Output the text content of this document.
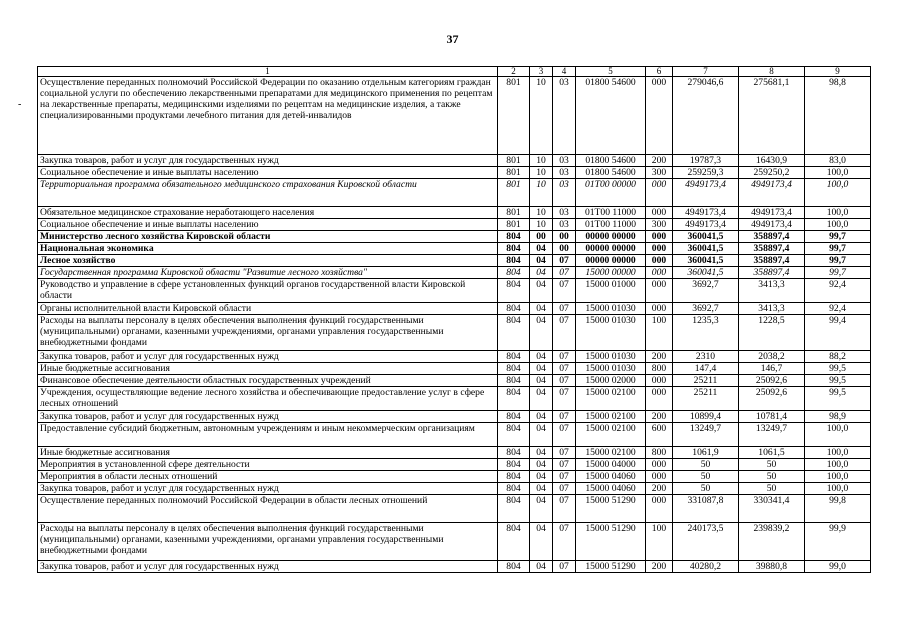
37
-
1	2	3	4	5	6	7	8	9
Осуществление переданных полномочий Российской Федерации по оказанию отдельным категориям граждан социальной услуги по обеспечению лекарственными препаратами для медицинского применения по рецептам на лекарственные препараты, медицинскими изделиями по рецептам на медицинские изделия, а также специализированными продуктами лечебного питания для детей-инвалидов	801	10	03	01800 54600	000	279046,6	275681,1	98,8
Закупка товаров, работ и услуг для государственных нужд	801	10	03	01800 54600	200	19787,3	16430,9	83,0
Социальное обеспечение и иные выплаты населению	801	10	03	01800 54600	300	259259,3	259250,2	100,0
Территориальная программа обязательного медицинского страхования Кировской области	801	10	03	01Т00 00000	000	4949173,4	4949173,4	100,0
Обязательное медицинское страхование неработающего населения	801	10	03	01Т00 11000	000	4949173,4	4949173,4	100,0
Социальное обеспечение и иные выплаты населению	801	10	03	01Т00 11000	300	4949173,4	4949173,4	100,0
Министерство лесного хозяйства Кировской области	804	00	00	00000 00000	000	360041,5	358897,4	99,7
Национальная экономика	804	04	00	00000 00000	000	360041,5	358897,4	99,7
Лесное хозяйство	804	04	07	00000 00000	000	360041,5	358897,4	99,7
Государственная программа Кировской области "Развитие лесного хозяйства"	804	04	07	15000 00000	000	360041,5	358897,4	99,7
Руководство и управление в сфере установленных функций органов государственной власти Кировской области	804	04	07	15000 01000	000	3692,7	3413,3	92,4
Органы исполнительной власти Кировской области	804	04	07	15000 01030	000	3692,7	3413,3	92,4
Расходы на выплаты персоналу в целях обеспечения выполнения функций государственными (муниципальными) органами, казенными учреждениями, органами управления государственными внебюджетными фондами	804	04	07	15000 01030	100	1235,3	1228,5	99,4
Закупка товаров, работ и услуг для государственных нужд	804	04	07	15000 01030	200	2310	2038,2	88,2
Иные бюджетные ассигнования	804	04	07	15000 01030	800	147,4	146,7	99,5
Финансовое обеспечение деятельности областных государственных учреждений	804	04	07	15000 02000	000	25211	25092,6	99,5
Учреждения, осуществляющие ведение лесного хозяйства и обеспечивающие предоставление услуг в сфере лесных отношений	804	04	07	15000 02100	000	25211	25092,6	99,5
Закупка товаров, работ и услуг для государственных нужд	804	04	07	15000 02100	200	10899,4	10781,4	98,9
Предоставление субсидий бюджетным, автономным учреждениям и иным некоммерческим организациям	804	04	07	15000 02100	600	13249,7	13249,7	100,0
Иные бюджетные ассигнования	804	04	07	15000 02100	800	1061,9	1061,5	100,0
Мероприятия в установленной сфере деятельности	804	04	07	15000 04000	000	50	50	100,0
Мероприятия в области лесных отношений	804	04	07	15000 04060	000	50	50	100,0
Закупка товаров, работ и услуг для государственных нужд	804	04	07	15000 04060	200	50	50	100,0
Осуществление переданных полномочий Российской Федерации в области лесных отношений	804	04	07	15000 51290	000	331087,8	330341,4	99,8
Расходы на выплаты персоналу в целях обеспечения выполнения функций государственными (муниципальными) органами, казенными учреждениями, органами управления государственными внебюджетными фондами	804	04	07	15000 51290	100	240173,5	239839,2	99,9
Закупка товаров, работ и услуг для государственных нужд	804	04	07	15000 51290	200	40280,2	39880,8	99,0
